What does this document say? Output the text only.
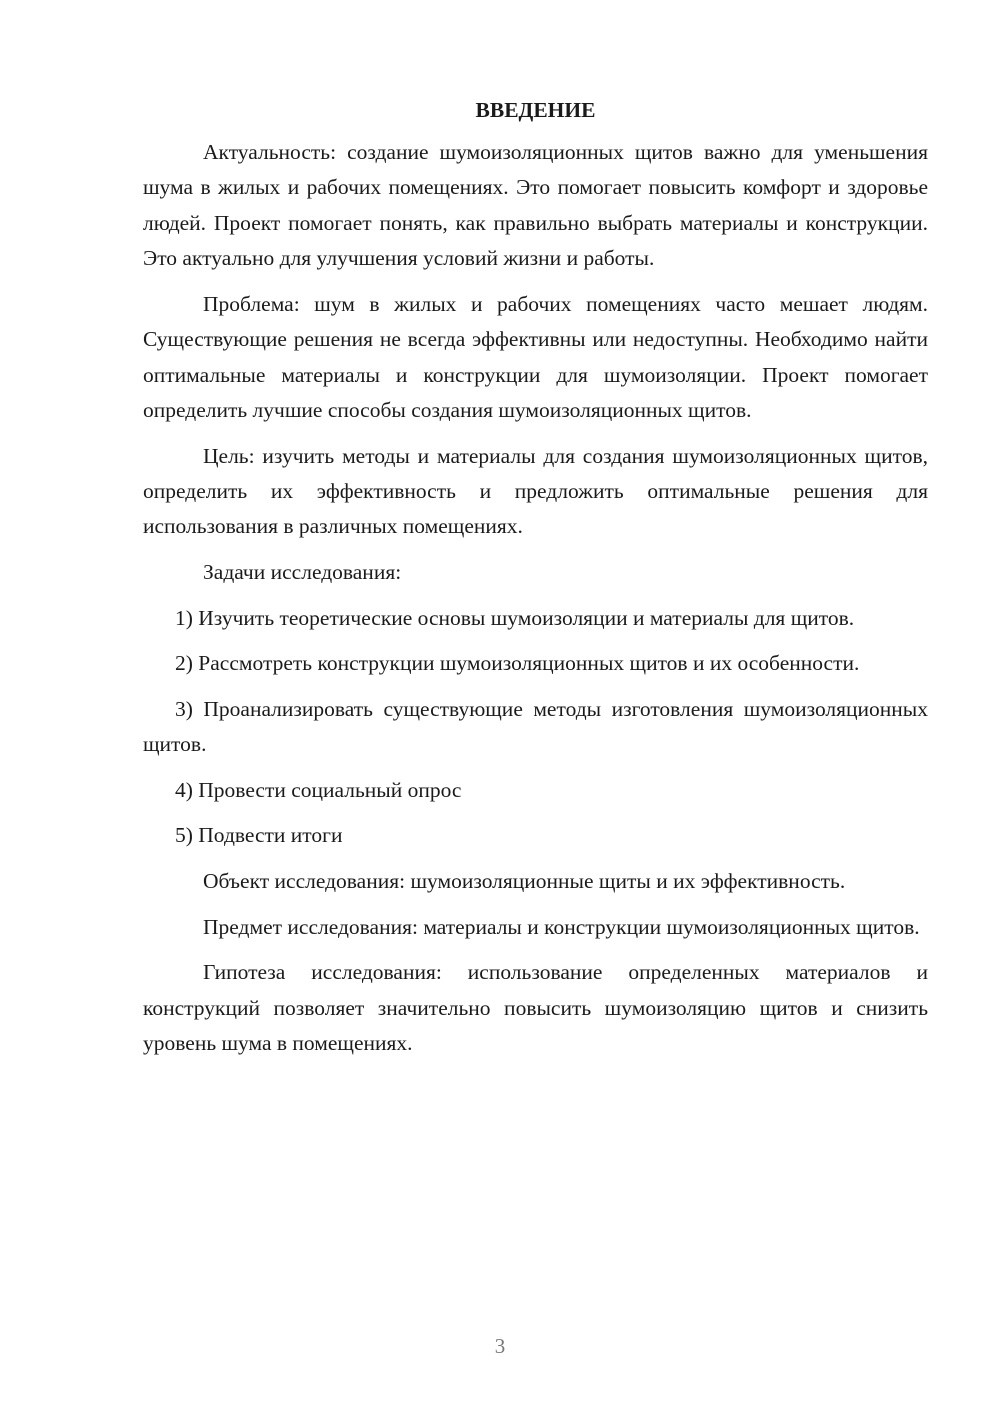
ВВЕДЕНИЕ

Актуальность: создание шумоизоляционных щитов важно для уменьшения шума в жилых и рабочих помещениях. Это помогает повысить комфорт и здоровье людей. Проект помогает понять, как правильно выбрать материалы и конструкции. Это актуально для улучшения условий жизни и работы.

Проблема: шум в жилых и рабочих помещениях часто мешает людям. Существующие решения не всегда эффективны или недоступны. Необходимо найти оптимальные материалы и конструкции для шумоизоляции. Проект помогает определить лучшие способы создания шумоизоляционных щитов.

Цель: изучить методы и материалы для создания шумоизоляционных щитов, определить их эффективность и предложить оптимальные решения для использования в различных помещениях.

Задачи исследования:

1) Изучить теоретические основы шумоизоляции и материалы для щитов.

2) Рассмотреть конструкции шумоизоляционных щитов и их особенности.

3) Проанализировать существующие методы изготовления шумоизоляционных щитов.

4) Провести социальный опрос

5) Подвести итоги

Объект исследования: шумоизоляционные щиты и их эффективность.

Предмет исследования: материалы и конструкции шумоизоляционных щитов.

Гипотеза исследования: использование определенных материалов и конструкций позволяет значительно повысить шумоизоляцию щитов и снизить уровень шума в помещениях.

3
